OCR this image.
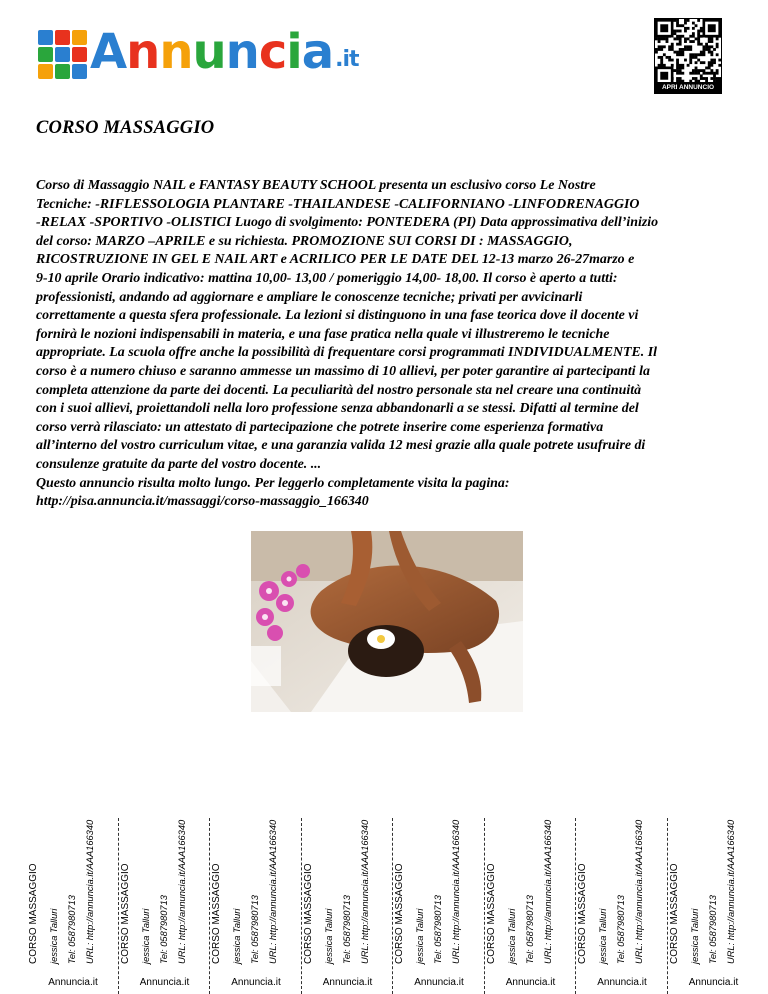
Annuncia.it
APRI ANNUNCIO
CORSO MASSAGGIO

Corso di Massaggio NAIL e FANTASY BEAUTY SCHOOL presenta un esclusivo corso Le Nostre
Tecniche: -RIFLESSOLOGIA PLANTARE -THAILANDESE -CALIFORNIANO -LINFODRENAGGIO
-RELAX -SPORTIVO -OLISTICI Luogo di svolgimento: PONTEDERA (PI) Data approssimativa dell’inizio
del corso: MARZO –APRILE e su richiesta. PROMOZIONE SUI CORSI DI : MASSAGGIO,
RICOSTRUZIONE IN GEL E NAIL ART e ACRILICO PER LE DATE DEL 12-13 marzo 26-27marzo e
9-10 aprile Orario indicativo: mattina 10,00- 13,00 / pomeriggio 14,00- 18,00. Il corso è aperto a tutti:
professionisti, andando ad aggiornare e ampliare le conoscenze tecniche; privati per avvicinarli
correttamente a questa sfera professionale. La lezioni si distinguono in una fase teorica dove il docente vi
fornirà le nozioni indispensabili in materia, e una fase pratica nella quale vi illustreremo le tecniche
appropriate. La scuola offre anche la possibilità di frequentare corsi programmati INDIVIDUALMENTE. Il
corso è a numero chiuso e saranno ammesse un massimo di 10 allievi, per poter garantire ai partecipanti la
completa attenzione da parte dei docenti. La peculiarità del nostro personale sta nel creare una continuità
con i suoi allievi, proiettandoli nella loro professione senza abbandonarli a se stessi. Difatti al termine del
corso verrà rilasciato: un attestato di partecipazione che potrete inserire come esperienza formativa
all’interno del vostro curriculum vitae, e una garanzia valida 12 mesi grazie alla quale potrete usufruire di
consulenze gratuite da parte del vostro docente. ...
Questo annuncio risulta molto lungo. Per leggerlo completamente visita la pagina:
http://pisa.annuncia.it/massaggi/corso-massaggio_166340

CORSO MASSAGGIO jessica Talluri Tel: 0587980713 URL: http://annuncia.it/AAA166340
Annuncia.it
CORSO MASSAGGIO jessica Talluri Tel: 0587980713 URL: http://annuncia.it/AAA166340
Annuncia.it
CORSO MASSAGGIO jessica Talluri Tel: 0587980713 URL: http://annuncia.it/AAA166340
Annuncia.it
CORSO MASSAGGIO jessica Talluri Tel: 0587980713 URL: http://annuncia.it/AAA166340
Annuncia.it
CORSO MASSAGGIO jessica Talluri Tel: 0587980713 URL: http://annuncia.it/AAA166340
Annuncia.it
CORSO MASSAGGIO jessica Talluri Tel: 0587980713 URL: http://annuncia.it/AAA166340
Annuncia.it
CORSO MASSAGGIO jessica Talluri Tel: 0587980713 URL: http://annuncia.it/AAA166340
Annuncia.it
CORSO MASSAGGIO jessica Talluri Tel: 0587980713 URL: http://annuncia.it/AAA166340
Annuncia.it
